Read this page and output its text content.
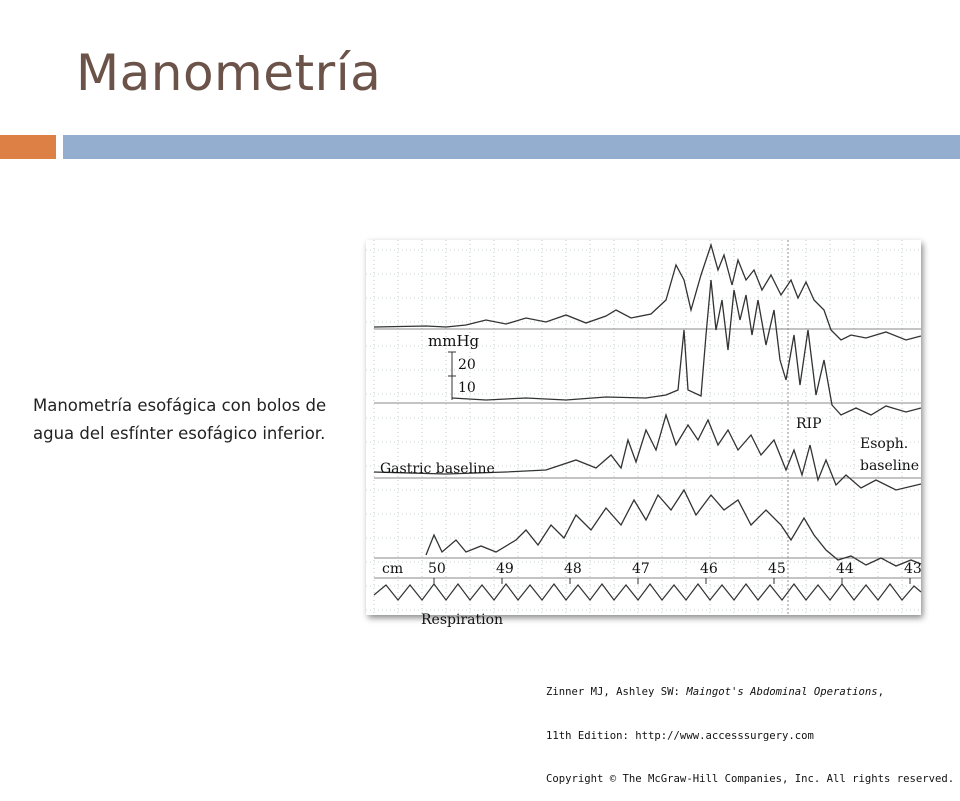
Manometría

Manometría esofágica con bolos de agua del esfínter esofágico inferior.

mmHg
20
10
RIP
Esoph.
baseline
Gastric baseline
cm 50	49	48	47	46	45	44	43
Respiration

Zinner MJ, Ashley SW: Maingot's Abdominal Operations,

11th Edition: http://www.accesssurgery.com

Copyright © The McGraw-Hill Companies, Inc. All rights reserved.
